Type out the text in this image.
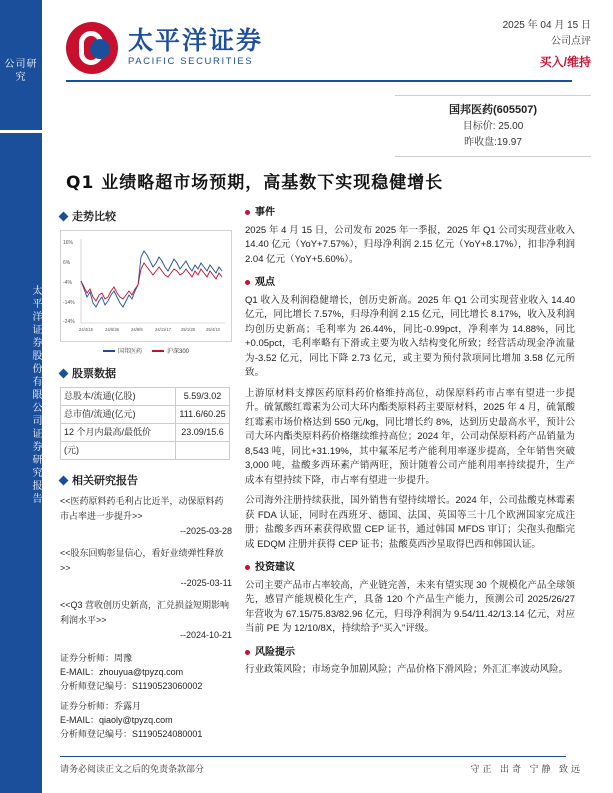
公司研究
太平洋证券股份有限公司证券研究报告
太平洋证券
PACIFIC SECURITIES
2025 年 04 月 15 日
公司点评
买入/维持
国邦医药(605507)
目标价: 25.00
昨收盘:19.97
Q1 业绩略超市场预期，高基数下实现稳健增长
走势比较
16%
6%
-4%
-14%
-24%
24/4/15	24/6/26	24/9/6	24/11/17 25/1/28	25/4/10
国邦医药	沪深300
股票数据
总股本/流通(亿股)	5.59/3.02
总市值/流通(亿元)	111.6/60.25
12 个月内最高/最低价	23.09/15.6
(元)	
相关研究报告
<<医药原料药毛利占比近半，动保原料药市占率进一步提升>>
--2025-03-28
<<股东回购彰显信心，看好业绩弹性释放>>
--2025-03-11
<<Q3 营收创历史新高，汇兑损益短期影响利润水平>>
--2024-10-21
证券分析师：周豫
E-MAIL：zhouyua@tpyzq.com
分析师登记编号：S1190523060002
证券分析师：乔露月
E-MAIL：qiaoly@tpyzq.com
分析师登记编号：S1190524080001
事件
2025 年 4 月 15 日，公司发布 2025 年一季报，2025 年 Q1 公司实现营业收入 14.40 亿元（YoY+7.57%），归母净利润 2.15 亿元（YoY+8.17%），扣非净利润 2.04 亿元（YoY+5.60%）。
观点
Q1 收入及利润稳健增长，创历史新高。2025 年 Q1 公司实现营业收入 14.40 亿元，同比增长 7.57%，归母净利润 2.15 亿元，同比增长 8.17%，收入及利润均创历史新高；毛利率为 26.44%，同比-0.99pct，净利率为 14.88%，同比+0.05pct，毛利率略有下滑或主要为收入结构变化所致；经营活动现金净流量为-3.52 亿元，同比下降 2.73 亿元，或主要为预付款项同比增加 3.58 亿元所致。
上游原材料支撑医药原料药价格维持高位，动保原料药市占率有望进一步提升。硫氰酸红霉素为公司大环内酯类原料药主要原材料，2025 年 4 月，硫氰酸红霉素市场价格达到 550 元/kg，同比增长约 8%，达到历史最高水平，预计公司大环内酯类原料药价格继续维持高位；2024 年，公司动保原料药产品销量为 8,543 吨，同比+31.19%，其中氟苯尼考产能利用率逐步提高，全年销售突破 3,000 吨，盐酸多西环素产销两旺，预计随着公司产能利用率持续提升，生产成本有望持续下降，市占率有望进一步提升。
公司海外注册持续获批，国外销售有望持续增长。2024 年，公司盐酸克林霉素获 FDA 认证，同时在西班牙、德国、法国、英国等三十几个欧洲国家完成注册；盐酸多西环素获得欧盟 CEP 证书，通过韩国 MFDS 审订；尖孢头孢酯完成 EDQM 注册并获得 CEP 证书；盐酸莫西沙星取得巴西和韩国认证。
投资建议
公司主要产品市占率较高，产业链完善，未来有望实现 30 个规模化产品全球领先，感冒产能规模化生产，具备 120 个产品生产能力，预测公司 2025/26/27 年营收为 67.15/75.83/82.96 亿元，归母净利润为 9.54/11.42/13.14 亿元，对应当前 PE 为 12/10/8X，持续给予"买入"评级。
风险提示
行业政策风险；市场竞争加剧风险；产品价格下滑风险；外汇汇率波动风险。
请务必阅读正文之后的免责条款部分	守正 出奇 宁静 致远
